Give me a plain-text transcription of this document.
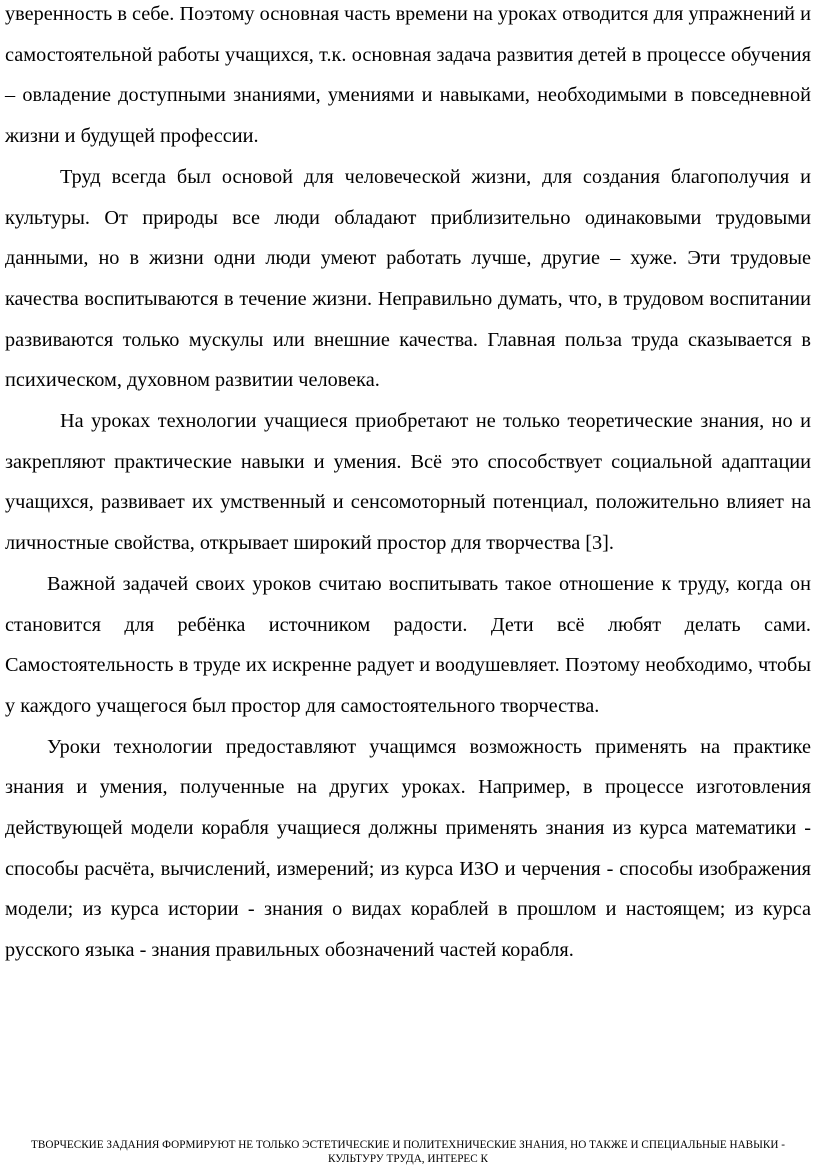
уверенность в себе. Поэтому основная часть времени на уроках отводится для упражнений и самостоятельной работы учащихся, т.к. основная задача развития детей в процессе обучения – овладение доступными знаниями, умениями и навыками, необходимыми в повседневной жизни и будущей профессии.

Труд всегда был основой для человеческой жизни, для создания благополучия и культуры. От природы все люди обладают приблизительно одинаковыми трудовыми данными, но в жизни одни люди умеют работать лучше, другие – хуже. Эти трудовые качества воспитываются в течение жизни. Неправильно думать, что, в трудовом воспитании развиваются только мускулы или внешние качества. Главная польза труда сказывается в психическом, духовном развитии человека.

На уроках технологии учащиеся приобретают не только теоретические знания, но и закрепляют практические навыки и умения. Всё это способствует социальной адаптации учащихся, развивает их умственный и сенсомоторный потенциал, положительно влияет на личностные свойства, открывает широкий простор для творчества [3].

Важной задачей своих уроков считаю воспитывать такое отношение к труду, когда он становится для ребёнка источником радости. Дети всё любят делать сами. Самостоятельность в труде их искренне радует и воодушевляет. Поэтому необходимо, чтобы у каждого учащегося был простор для самостоятельного творчества.

Уроки технологии предоставляют учащимся возможность применять на практике знания и умения, полученные на других уроках. Например, в процессе изготовления действующей модели корабля учащиеся должны применять знания из курса математики - способы расчёта, вычислений, измерений; из курса ИЗО и черчения - способы изображения модели; из курса истории - знания о видах кораблей в прошлом и настоящем; из курса русского языка - знания правильных обозначений частей корабля.

ТВОРЧЕСКИЕ ЗАДАНИЯ ФОРМИРУЮТ НЕ ТОЛЬКО ЭСТЕТИЧЕСКИЕ И ПОЛИТЕХНИЧЕСКИЕ ЗНАНИЯ, НО ТАКЖЕ И СПЕЦИАЛЬНЫЕ НАВЫКИ -
КУЛЬТУРУ ТРУДА, ИНТЕРЕС К
